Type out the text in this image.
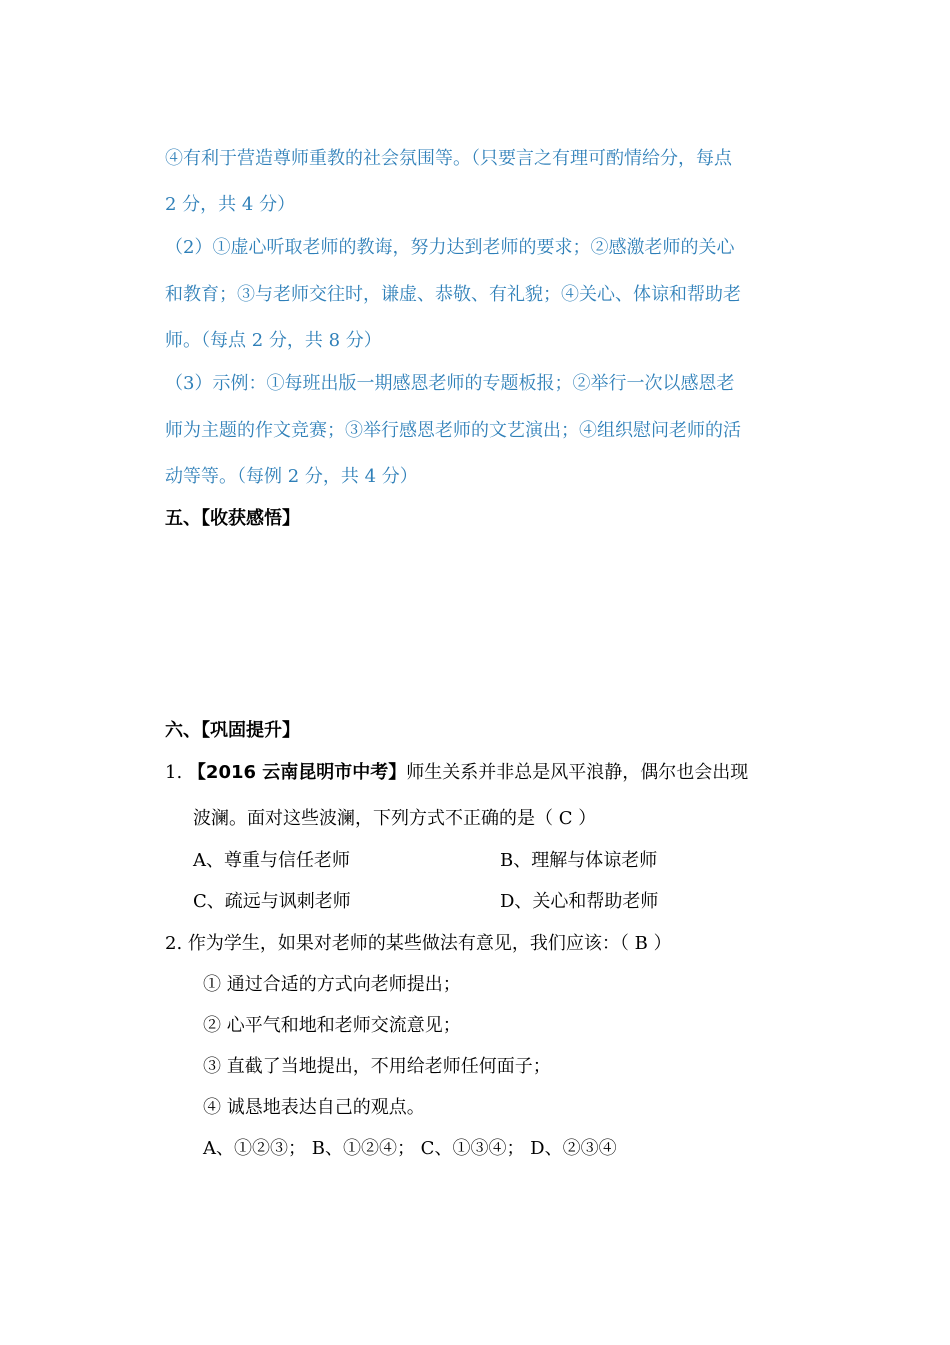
④有利于营造尊师重教的社会氛围等。（只要言之有理可酌情给分，每点
2 分，共 4 分）
（2）①虚心听取老师的教诲，努力达到老师的要求；②感激老师的关心
和教育；③与老师交往时，谦虚、恭敬、有礼貌；④关心、体谅和帮助老
师。（每点 2 分，共 8 分）
（3）示例：①每班出版一期感恩老师的专题板报；②举行一次以感恩老
师为主题的作文竞赛；③举行感恩老师的文艺演出；④组织慰问老师的活
动等等。（每例 2 分，共 4 分）
五、【收获感悟】
六、【巩固提升】
1. 【2016 云南昆明市中考】师生关系并非总是风平浪静，偶尔也会出现
波澜。面对这些波澜，下列方式不正确的是（ C ）
A、尊重与信任老师	B、理解与体谅老师
C、疏远与讽刺老师	D、关心和帮助老师
2. 作为学生，如果对老师的某些做法有意见，我们应该：（ B ）
① 通过合适的方式向老师提出；
② 心平气和地和老师交流意见；
③ 直截了当地提出，不用给老师任何面子；
④ 诚恳地表达自己的观点。
A、①②③； B、①②④； C、①③④； D、②③④
